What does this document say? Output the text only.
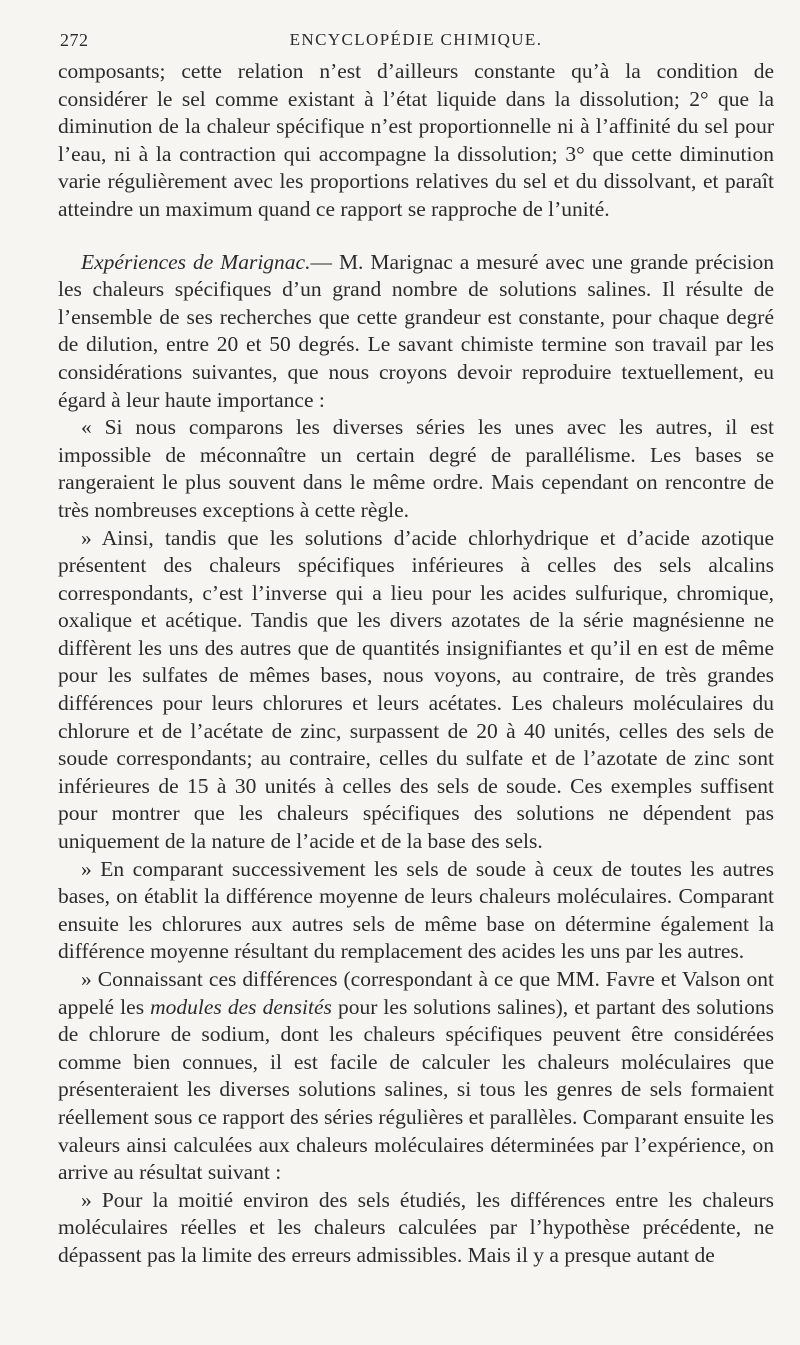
272	ENCYCLOPÉDIE CHIMIQUE.

composants; cette relation n’est d’ailleurs constante qu’à la condition de considérer le sel comme existant à l’état liquide dans la dissolution; 2° que la diminution de la chaleur spécifique n’est proportionnelle ni à l’affinité du sel pour l’eau, ni à la contraction qui accompagne la dissolution; 3° que cette diminution varie régulièrement avec les proportions relatives du sel et du dissolvant, et paraît atteindre un maximum quand ce rapport se rapproche de l’unité.

Expériences de Marignac.— M. Marignac a mesuré avec une grande précision les chaleurs spécifiques d’un grand nombre de solutions salines. Il résulte de l’ensemble de ses recherches que cette grandeur est constante, pour chaque degré de dilution, entre 20 et 50 degrés. Le savant chimiste termine son travail par les considérations suivantes, que nous croyons devoir reproduire textuellement, eu égard à leur haute importance :

« Si nous comparons les diverses séries les unes avec les autres, il est impossible de méconnaître un certain degré de parallélisme. Les bases se rangeraient le plus souvent dans le même ordre. Mais cependant on rencontre de très nombreuses exceptions à cette règle.

» Ainsi, tandis que les solutions d’acide chlorhydrique et d’acide azotique présentent des chaleurs spécifiques inférieures à celles des sels alcalins correspondants, c’est l’inverse qui a lieu pour les acides sulfurique, chromique, oxalique et acétique. Tandis que les divers azotates de la série magnésienne ne diffèrent les uns des autres que de quantités insignifiantes et qu’il en est de même pour les sulfates de mêmes bases, nous voyons, au contraire, de très grandes différences pour leurs chlorures et leurs acétates. Les chaleurs moléculaires du chlorure et de l’acétate de zinc, surpassent de 20 à 40 unités, celles des sels de soude correspondants; au contraire, celles du sulfate et de l’azotate de zinc sont inférieures de 15 à 30 unités à celles des sels de soude. Ces exemples suffisent pour montrer que les chaleurs spécifiques des solutions ne dépendent pas uniquement de la nature de l’acide et de la base des sels.

» En comparant successivement les sels de soude à ceux de toutes les autres bases, on établit la différence moyenne de leurs chaleurs moléculaires. Comparant ensuite les chlorures aux autres sels de même base on détermine également la différence moyenne résultant du remplacement des acides les uns par les autres.

» Connaissant ces différences (correspondant à ce que MM. Favre et Valson ont appelé les modules des densités pour les solutions salines), et partant des solutions de chlorure de sodium, dont les chaleurs spécifiques peuvent être considérées comme bien connues, il est facile de calculer les chaleurs moléculaires que présenteraient les diverses solutions salines, si tous les genres de sels formaient réellement sous ce rapport des séries régulières et parallèles. Comparant ensuite les valeurs ainsi calculées aux chaleurs moléculaires déterminées par l’expérience, on arrive au résultat suivant :

» Pour la moitié environ des sels étudiés, les différences entre les chaleurs moléculaires réelles et les chaleurs calculées par l’hypothèse précédente, ne dépassent pas la limite des erreurs admissibles. Mais il y a presque autant de
